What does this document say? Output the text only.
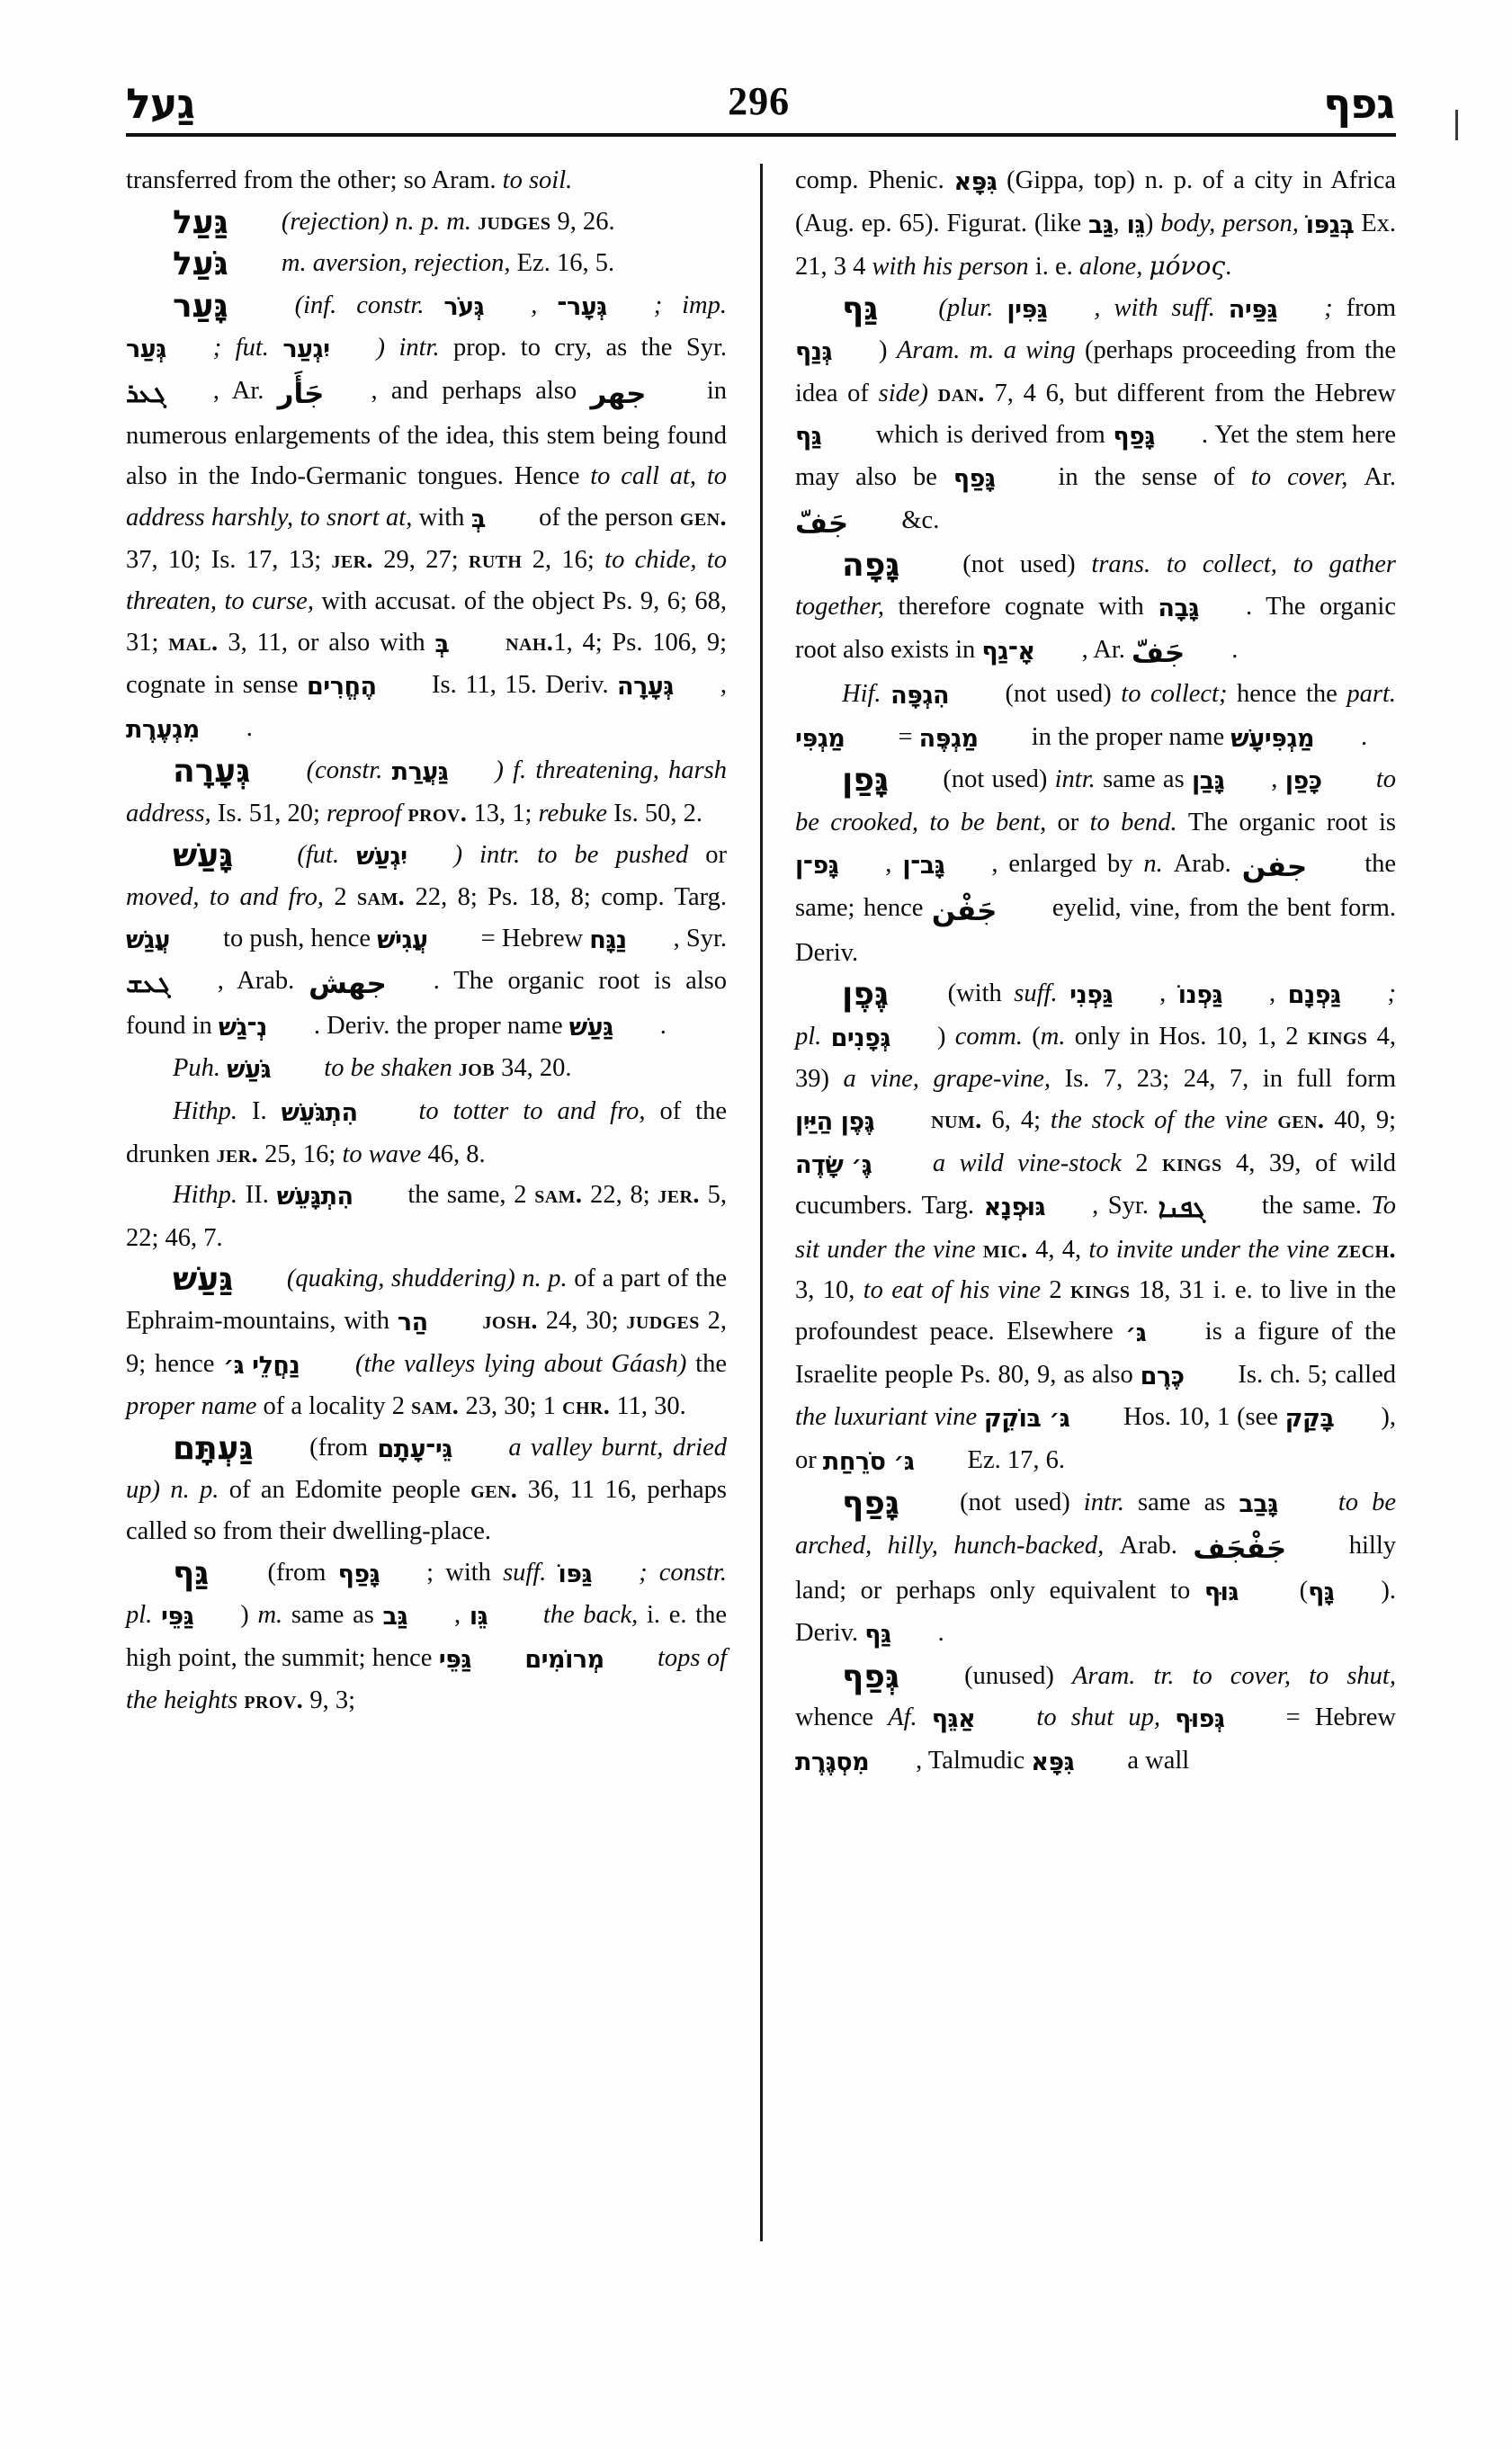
גַעל	296	גפף

transferred from the other; so Aram. to soil.

גַּעַל (rejection) n. p. m. judges 9, 26.

גֹּעַל m. aversion, rejection, Ez. 16, 5.

גָּעַר (inf. constr. גְּעֹר , גְּעָר־ ; imp. גְּעַר ; fut. יִגְעַר ) intr. prop. to cry, as the Syr. ܓܥܪ , Ar. جَأَر , and perhaps also جهر in numerous enlargements of the idea, this stem being found also in the Indo-Germanic tongues. Hence to call at, to address harshly, to snort at, with בְּ of the person gen. 37, 10; Is. 17, 13; jer. 29, 27; ruth 2, 16; to chide, to threaten, to curse, with accusat. of the object Ps. 9, 6; 68, 31; mal. 3, 11, or also with בְּ nah.1, 4; Ps. 106, 9; cognate in sense הֶחֱרִים Is. 11, 15. Deriv. גְּעָרָה , מִגְעֶרֶת .

גְּעָרָה (constr. גַּעֲרַת ) f. threatening, harsh address, Is. 51, 20; reproof prov. 13, 1; rebuke Is. 50, 2.

גָּעַשׁ (fut. יִגְעַשׁ ) intr. to be pushed or moved, to and fro, 2 sam. 22, 8; Ps. 18, 8; comp. Targ. עֲגַשׁ to push, hence עֲגִישׁ = Hebrew נַגָּח , Syr. ܓܥܫ , Arab. جهش . The organic root is also found in נְ־גַשׁ . Deriv. the proper name גַּעַשׁ .

Puh. גֹּעַשׁ to be shaken job 34, 20.

Hithp. I. הִתְגֹּעֵשׁ to totter to and fro, of the drunken jer. 25, 16; to wave 46, 8.

Hithp. II. הִתְגָּעֵשׁ the same, 2 sam. 22, 8; jer. 5, 22; 46, 7.

גַּעַשׁ (quaking, shuddering) n. p. of a part of the Ephraim-mountains, with הַר josh. 24, 30; judges 2, 9; hence נַחֲלֵי גּ׳ (the valleys lying about Gáash) the proper name of a locality 2 sam. 23, 30; 1 chr. 11, 30.

גַּעְתָּם (from גֵּי־עָתָם a valley burnt, dried up) n. p. of an Edomite people gen. 36, 11 16, perhaps called so from their dwelling-place.

גַּף (from גָּפַף ; with suff. גַּפּוֹ ; constr. pl. גַּפֵּי ) m. same as גַּב , גֵּו the back, i. e. the high point, the summit; hence גַּפֵּי מְרוֹמִים tops of the heights prov. 9, 3;

comp. Phenic. גִּפָּא (Gippa, top) n. p. of a city in Africa (Aug. ep. 65). Figurat. (like גַּב, גֵּו) body, person, בְּגַפּוֹ Ex. 21, 3 4 with his person i. e. alone, μόνος.

גַּף (plur. גַּפִּין , with suff. גַּפַּיה ; from גְּנַף ) Aram. m. a wing (perhaps proceeding from the idea of side) dan. 7, 4 6, but different from the Hebrew גַּף which is derived from גָּפַף . Yet the stem here may also be גָּפַף in the sense of to cover, Ar. جَفّ &c.

גָּפָה (not used) trans. to collect, to gather together, therefore cognate with גָּבָה . The organic root also exists in אָ־גַף , Ar. جَفّ .

Hif. הִגְפָּה (not used) to collect; hence the part. מַגְפִּי = מַגְפֶּה in the proper name מַגְפִּיעָשׁ .

גָּפַן (not used) intr. same as גָּבַן , כָּפַן to be crooked, to be bent, or to bend. The organic root is גָּפ־ן , גָּב־ן , enlarged by n. Arab. جفن the same; hence جَفْن eyelid, vine, from the bent form. Deriv.

גֶּפֶן (with suff. גַּפְנִי , גַּפְנוֹ , גַּפְנָם ; pl. גְּפָנִים ) comm. (m. only in Hos. 10, 1, 2 kings 4, 39) a vine, grape-vine, Is. 7, 23; 24, 7, in full form גֶּפֶן הַיַּיִן num. 6, 4; the stock of the vine gen. 40, 9; גֶּ׳ שָׂדֶה a wild vine-stock 2 kings 4, 39, of wild cucumbers. Targ. גּוּפְנָא , Syr. ܓܦܢܐ the same. To sit under the vine mic. 4, 4, to invite under the vine zech. 3, 10, to eat of his vine 2 kings 18, 31 i. e. to live in the profoundest peace. Elsewhere גּ׳ is a figure of the Israelite people Ps. 80, 9, as also כֶּרֶם Is. ch. 5; called the luxuriant vine גּ׳ בּוֹקֵק Hos. 10, 1 (see בָּקַק ), or גּ׳ סֹרֵחַת Ez. 17, 6.

גָּפַף (not used) intr. same as גָּבַב to be arched, hilly, hunch-backed, Arab. جَفْجَف hilly land; or perhaps only equivalent to גּוּף (גָּף ). Deriv. גַּף .

גְּפַף (unused) Aram. tr. to cover, to shut, whence Af. אַגֵּף to shut up, גְּפוּף = Hebrew מִסְגֶּרֶת , Talmudic גִּפָּא a wall
